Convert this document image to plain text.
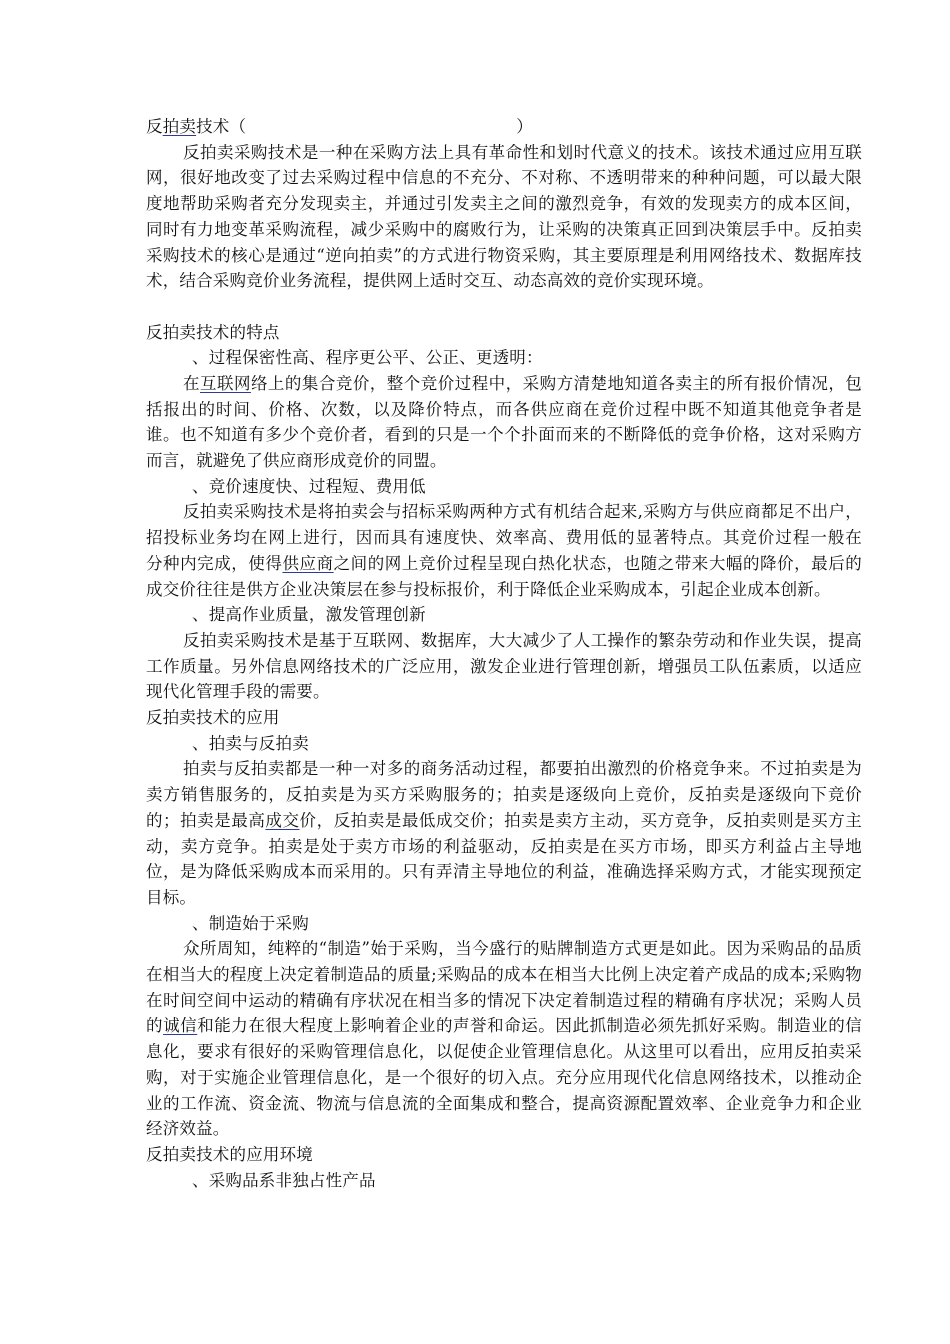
反拍卖技术（	）
反拍卖采购技术是一种在采购方法上具有革命性和划时代意义的技术。该技术通过应用互联网，很好地改变了过去采购过程中信息的不充分、不对称、不透明带来的种种问题，可以最大限度地帮助采购者充分发现卖主，并通过引发卖主之间的激烈竞争，有效的发现卖方的成本区间，同时有力地变革采购流程，减少采购中的腐败行为，让采购的决策真正回到决策层手中。反拍卖采购技术的核心是通过“逆向拍卖”的方式进行物资采购，其主要原理是利用网络技术、数据库技术，结合采购竞价业务流程，提供网上适时交互、动态高效的竞价实现环境。
反拍卖技术的特点
、过程保密性高、程序更公平、公正、更透明：
在互联网络上的集合竞价，整个竞价过程中，采购方清楚地知道各卖主的所有报价情况，包括报出的时间、价格、次数，以及降价特点，而各供应商在竞价过程中既不知道其他竞争者是谁。也不知道有多少个竞价者，看到的只是一个个扑面而来的不断降低的竞争价格，这对采购方而言，就避免了供应商形成竞价的同盟。
、竞价速度快、过程短、费用低
反拍卖采购技术是将拍卖会与招标采购两种方式有机结合起来,采购方与供应商都足不出户，招投标业务均在网上进行，因而具有速度快、效率高、费用低的显著特点。其竞价过程一般在　　分种内完成，使得供应商之间的网上竞价过程呈现白热化状态，也随之带来大幅的降价，最后的成交价往往是供方企业决策层在参与投标报价，利于降低企业采购成本，引起企业成本创新。
、提高作业质量，激发管理创新
反拍卖采购技术是基于互联网、数据库，大大减少了人工操作的繁杂劳动和作业失误，提高工作质量。另外信息网络技术的广泛应用，激发企业进行管理创新，增强员工队伍素质，以适应现代化管理手段的需要。
反拍卖技术的应用
、拍卖与反拍卖
拍卖与反拍卖都是一种一对多的商务活动过程，都要拍出激烈的价格竞争来。不过拍卖是为卖方销售服务的，反拍卖是为买方采购服务的；拍卖是逐级向上竞价，反拍卖是逐级向下竞价的；拍卖是最高成交价，反拍卖是最低成交价；拍卖是卖方主动，买方竞争，反拍卖则是买方主动，卖方竞争。拍卖是处于卖方市场的利益驱动，反拍卖是在买方市场，即买方利益占主导地位，是为降低采购成本而采用的。只有弄清主导地位的利益，准确选择采购方式，才能实现预定目标。
、制造始于采购
众所周知，纯粹的“制造”始于采购，当今盛行的贴牌制造方式更是如此。因为采购品的品质在相当大的程度上决定着制造品的质量;采购品的成本在相当大比例上决定着产成品的成本;采购物在时间空间中运动的精确有序状况在相当多的情况下决定着制造过程的精确有序状况；采购人员的诚信和能力在很大程度上影响着企业的声誉和命运。因此抓制造必须先抓好采购。制造业的信息化，要求有很好的采购管理信息化，以促使企业管理信息化。从这里可以看出，应用反拍卖采购，对于实施企业管理信息化，是一个很好的切入点。充分应用现代化信息网络技术，以推动企业的工作流、资金流、物流与信息流的全面集成和整合，提高资源配置效率、企业竞争力和企业经济效益。
反拍卖技术的应用环境
、采购品系非独占性产品
